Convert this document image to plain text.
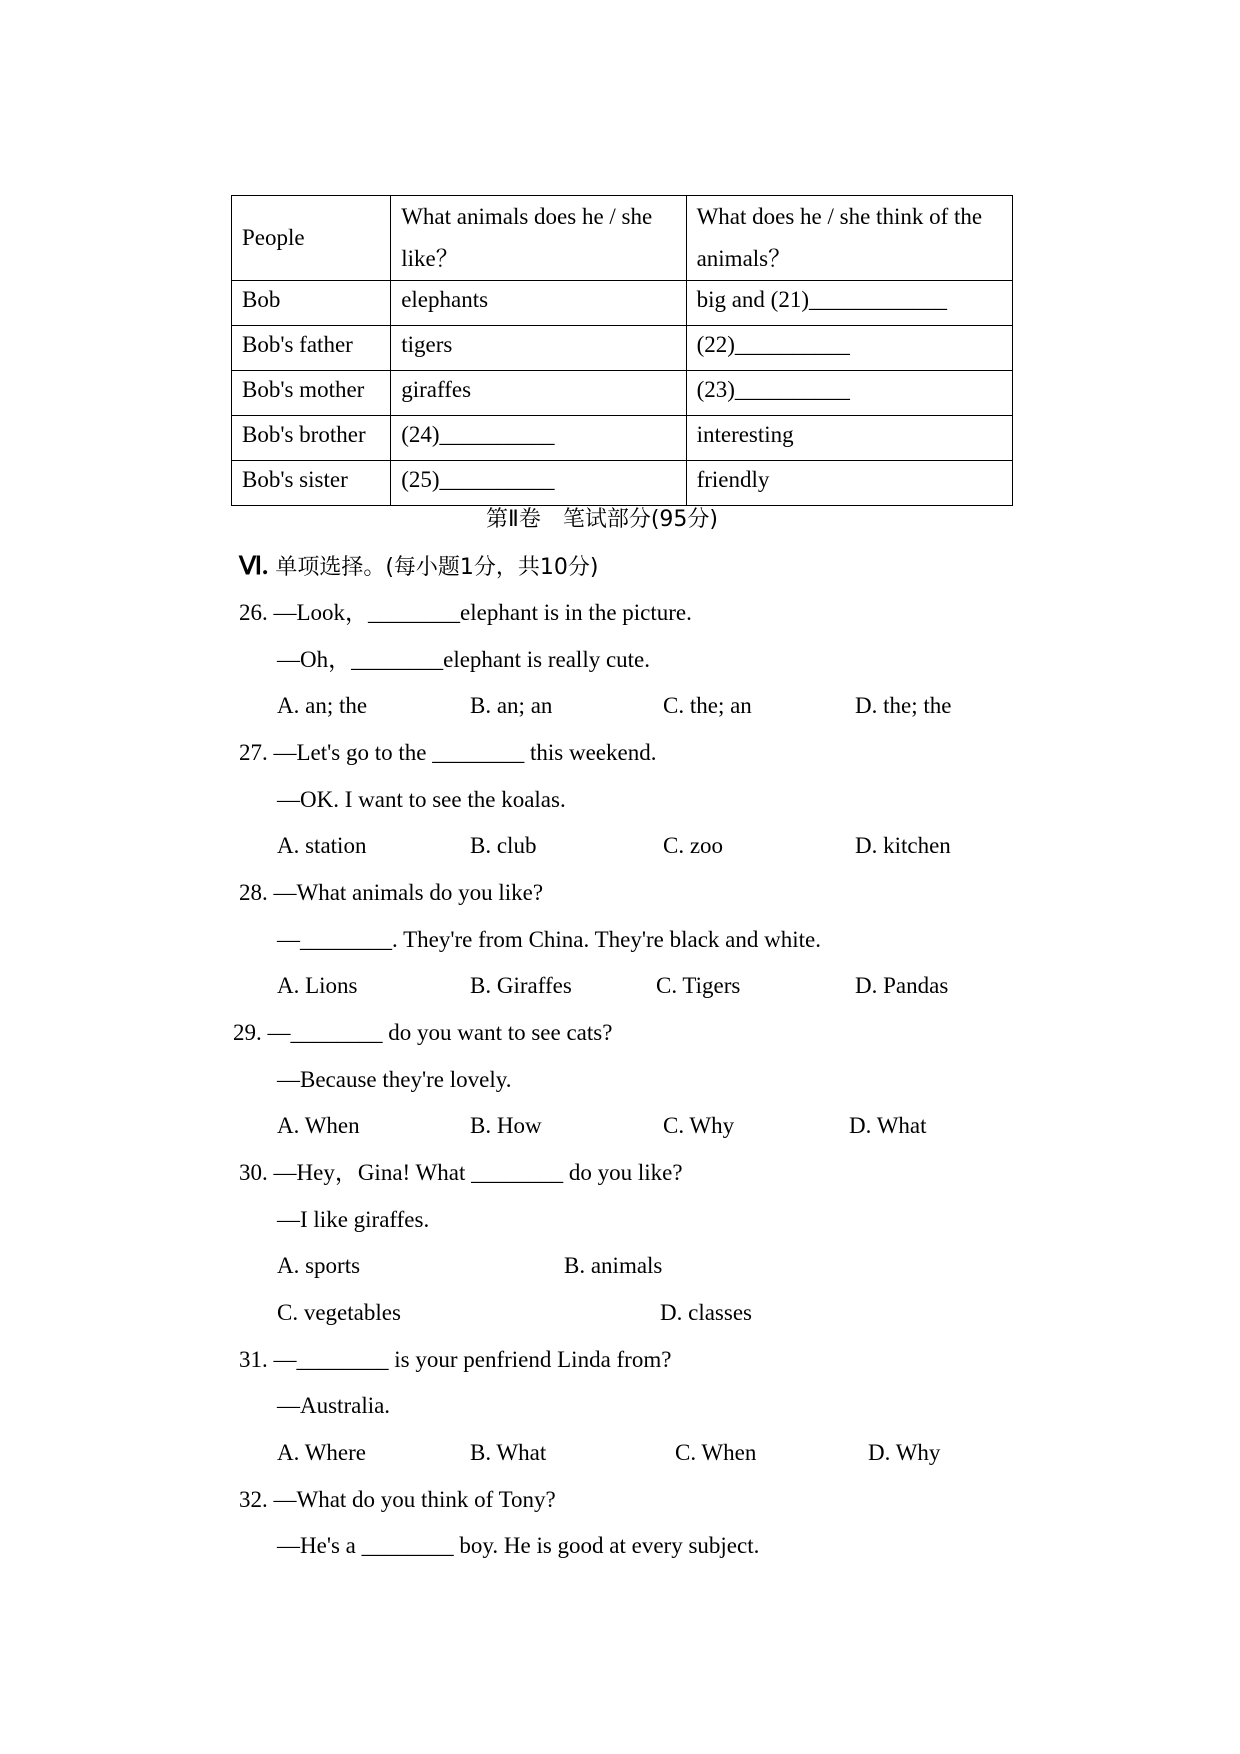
People	What animals does he / she like？	What does he / she think of the animals？
Bob	elephants	big and (21)____________
Bob's father	tigers	(22)__________
Bob's mother	giraffes	(23)__________
Bob's brother	(24)__________	interesting
Bob's sister	(25)__________	friendly
第Ⅱ卷　笔试部分(95分)
Ⅵ. 单项选择。(每小题1分，共10分)
26. —Look，________elephant is in the picture.
—Oh，________elephant is really cute.
A. an; the	B. an; an	C. the; an	D. the; the
27. —Let's go to the ________ this weekend.
—OK. I want to see the koalas.
A. station	B. club	C. zoo	D. kitchen
28. —What animals do you like?
—________. They're from China. They're black and white.
A. Lions	B. Giraffes	C. Tigers	D. Pandas
29. —________ do you want to see cats?
—Because they're lovely.
A. When	B. How	C. Why	D. What
30. —Hey，Gina! What ________ do you like?
—I like giraffes.
A. sports	B. animals
C. vegetables	D. classes
31. —________ is your penfriend Linda from?
—Australia.
A. Where	B. What	C. When	D. Why
32. —What do you think of Tony?
—He's a ________ boy. He is good at every subject.
